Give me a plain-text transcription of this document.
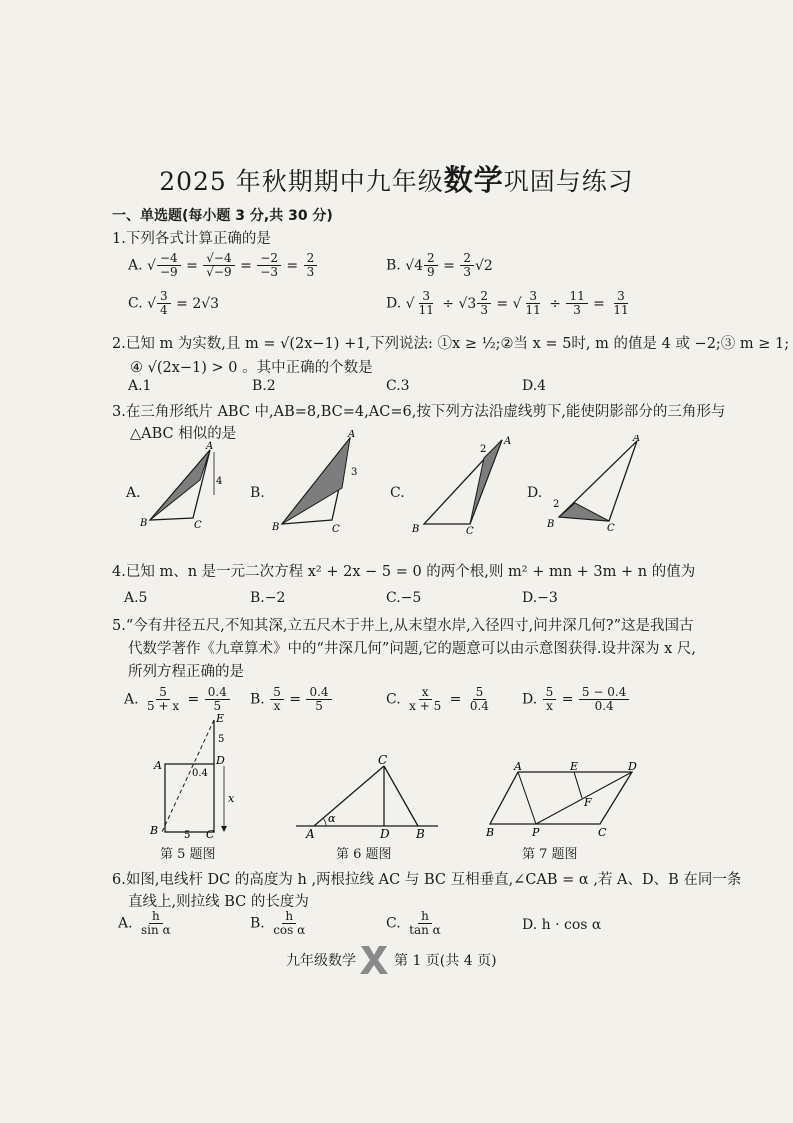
2025 年秋期期中九年级数学巩固与练习
一、单选题(每小题 3 分,共 30 分)
1.下列各式计算正确的是
A. √ $\frac{-4}{-9} = \frac{√-4}{√-9} = \frac{-2}{-3} = \frac{2}{3}$	B. $√4 \frac{2}{9} = \frac{2}{3} √2$
C. √ $\frac{3}{4} = 2√3$	D. √ $\frac{3}{11} \div √3 \frac{2}{3}$ = √ $\frac{3}{11} \div \frac{11}{3} = \frac{3}{11}$
2.已知 m 为实数,且 m = √(2x−1) +1,下列说法: ①x ≥ ½;②当 x = 5时, m 的值是 4 或 −2;③ m ≥ 1;
④ √(2x−1) > 0 。其中正确的个数是
A.1	B.2	C.3	D.4
3.在三角形纸片 ABC 中,AB=8,BC=4,AC=6,按下列方法沿虚线剪下,能使阴影部分的三角形与
△ABC 相似的是
A.	B.	C.	D.
A
4
B	C
A
3
B	C
A
2
B	C
A
2
B	C
4.已知 m、n 是一元二次方程 x² + 2x − 5 = 0 的两个根,则 m² + mn + 3m + n 的值为
A.5	B.−2	C.−5	D.−3
5.“今有井径五尺,不知其深,立五尺木于井上,从末望水岸,入径四寸,问井深几何?”这是我国古
代数学著作《九章算术》中的“井深几何”问题,它的题意可以由示意图获得.设井深为 x 尺,
所列方程正确的是
A. $\frac{5}{5 + x} = \frac{0.4}{5} B$. $\frac{5}{x} = \frac{0.4}{5}$	C. $\frac{x}{x + 5} = \frac{5}{0.4} D$. $\frac{5}{x} = \frac{5 - 0.4}{0.4}$
E
A	D
5
0.4
x
B	5 C
第 5 题图
C
A
α
D B
第 6 题图
A	E	D
F
B	P	C
第 7 题图
6.如图,电线杆 DC 的高度为 h ,两根拉线 AC 与 BC 互相垂直,∠CAB = α ,若 A、D、B 在同一条
直线上,则拉线 BC 的长度为
A. $\frac{h}{\text{sin α}}$	B. $\frac{h}{\text{cos α}}$	C. $\frac{h}{\text{tan α}}$	D. h · cos α
九年级数学	第 1 页(共 4 页)
